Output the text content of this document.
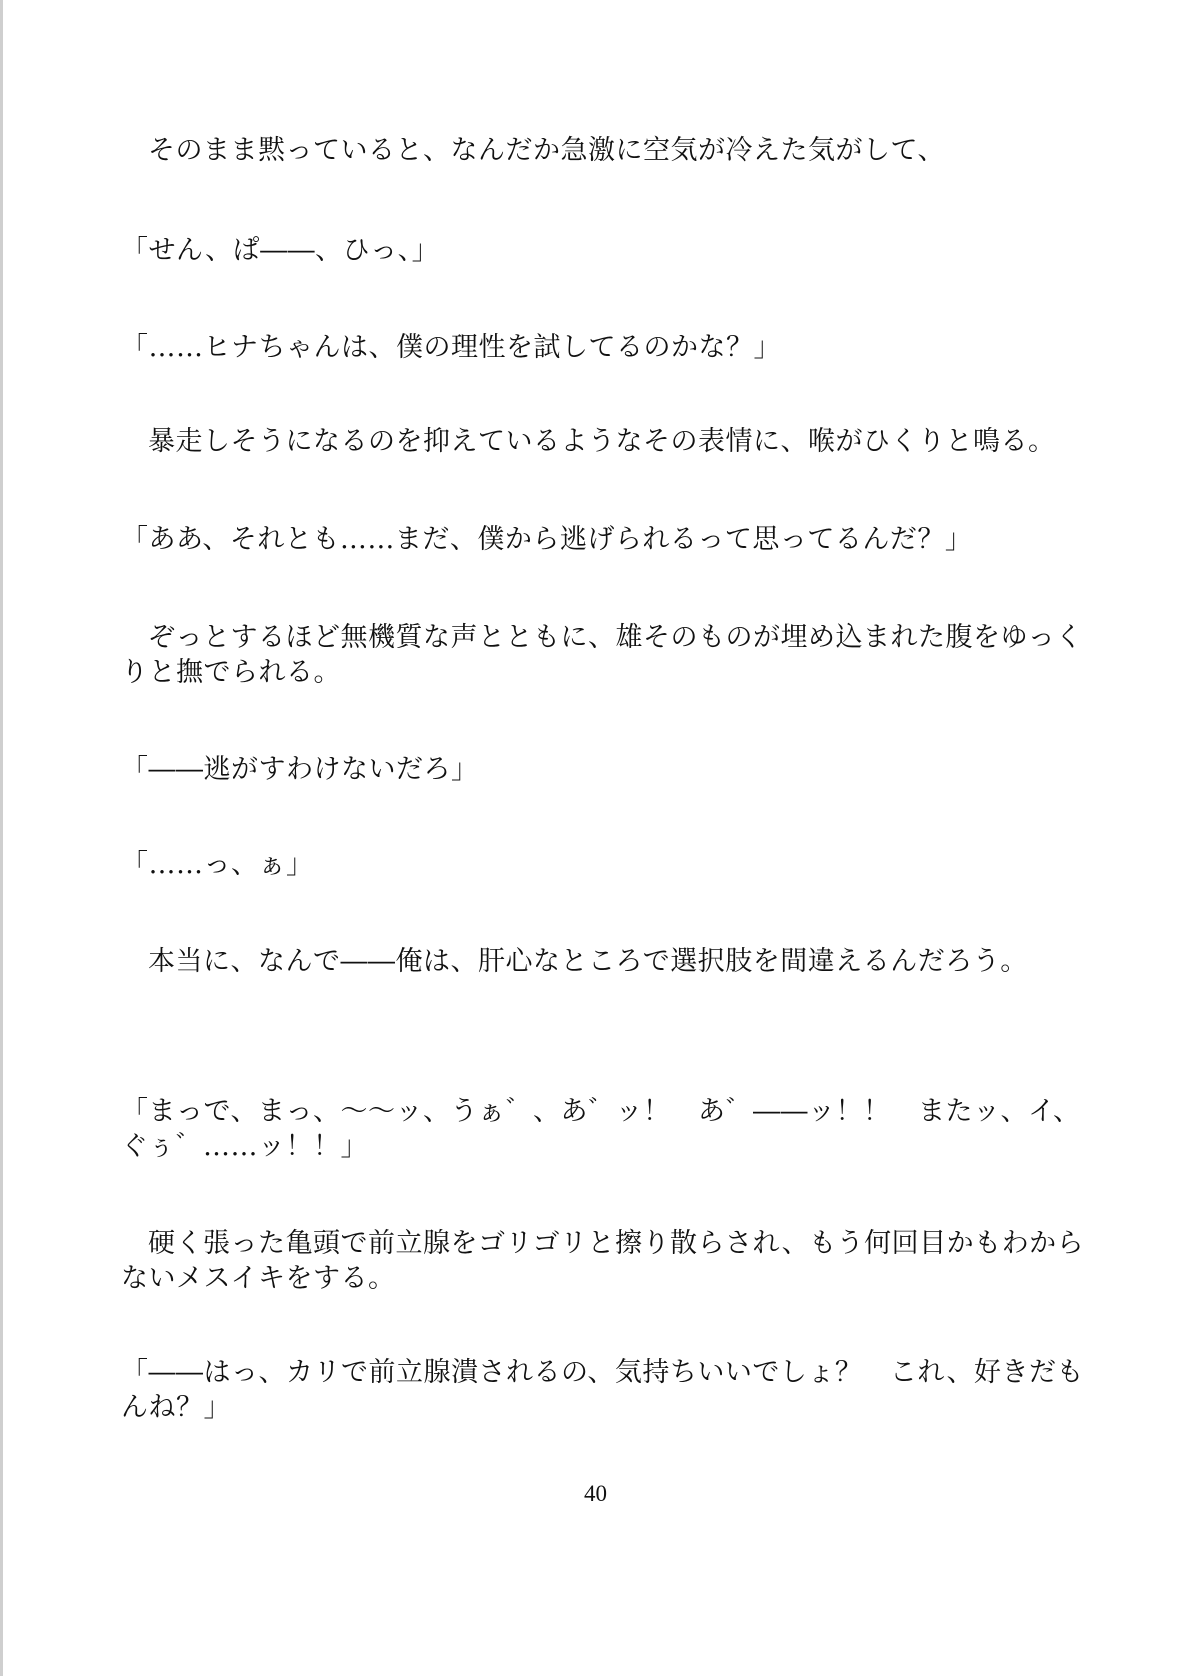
そのまま黙っていると、なんだか急激に空気が冷えた気がして、

「せん、ぱ――、ひっ、」

「……ヒナちゃんは、僕の理性を試してるのかな？」

暴走しそうになるのを抑えているようなその表情に、喉がひくりと鳴る。

「ああ、それとも……まだ、僕から逃げられるって思ってるんだ？」

ぞっとするほど無機質な声とともに、雄そのものが埋め込まれた腹をゆっくりと撫でられる。

「――逃がすわけないだろ」

「……っ、ぁ」

本当に、なんで――俺は、肝心なところで選択肢を間違えるんだろう。

「まっで、まっ、～～ッ、うぁ゛、あ゛ッ！　あ゛――ッ！！　またッ、イ、ぐぅ゛……ッ！！」

硬く張った亀頭で前立腺をゴリゴリと擦り散らされ、もう何回目かもわからないメスイキをする。

「――はっ、カリで前立腺潰されるの、気持ちいいでしょ？　これ、好きだもんね？」

40
